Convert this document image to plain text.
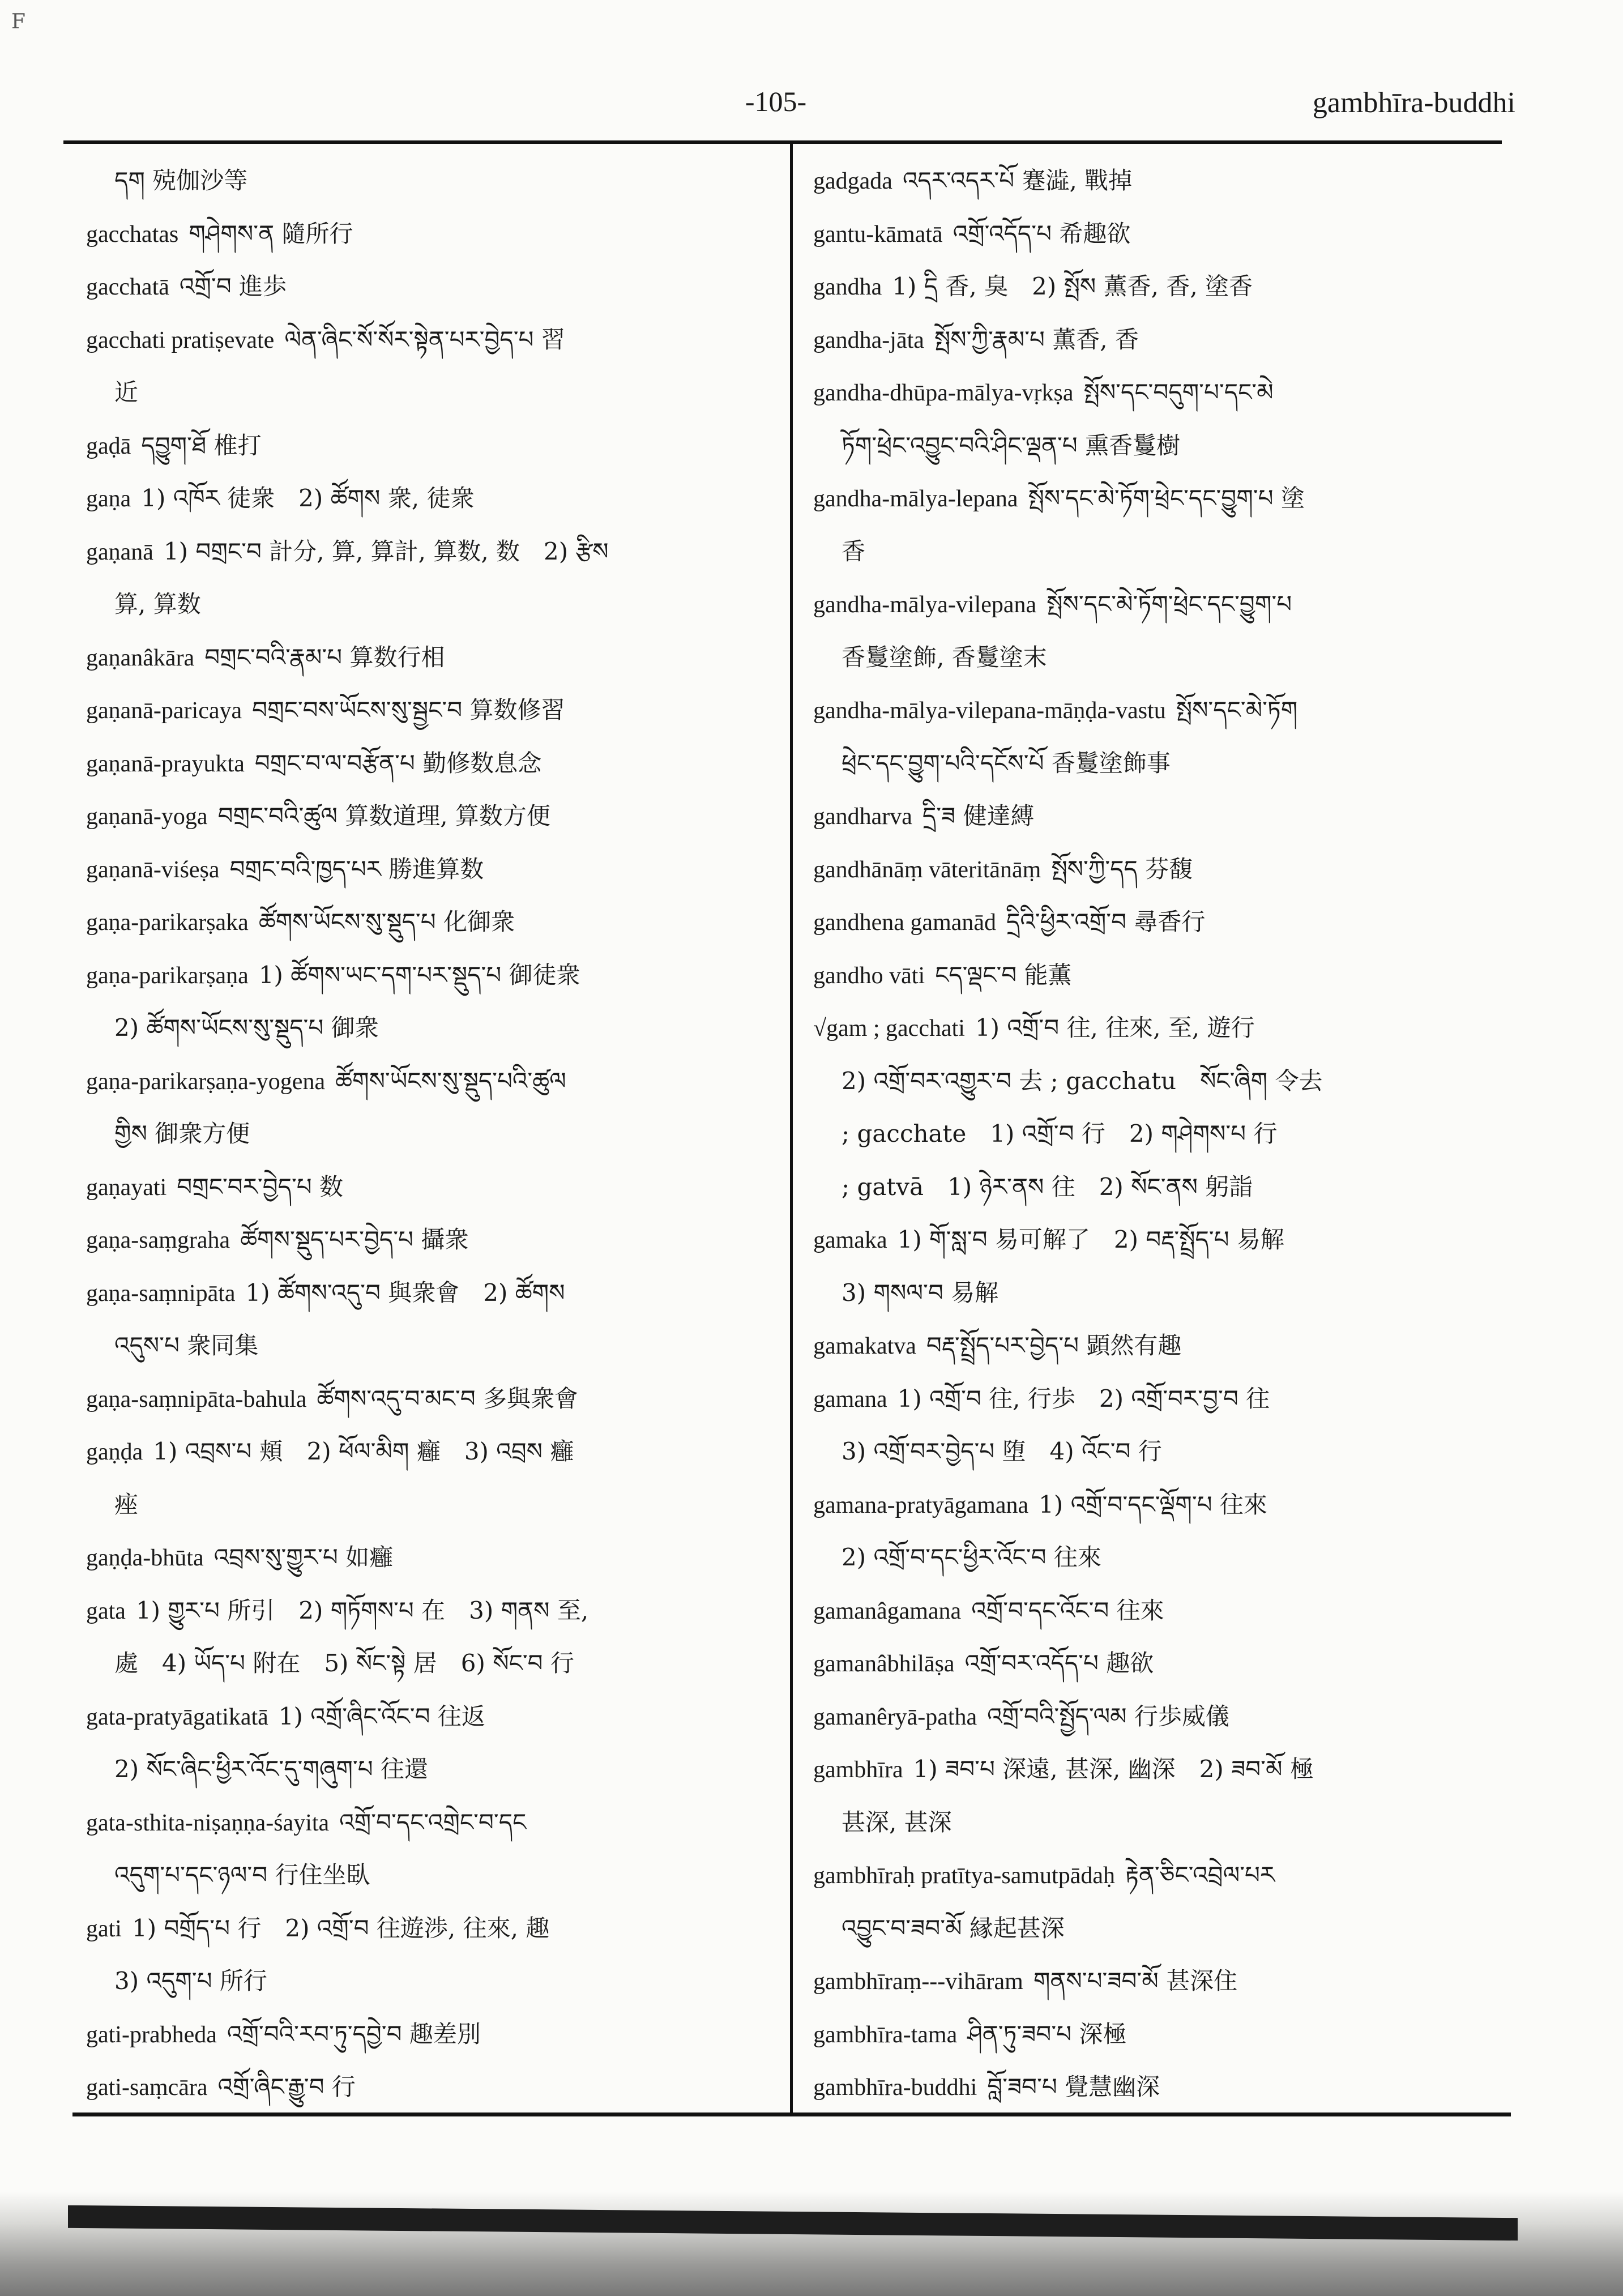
F
-105-	gambhīra-buddhi
དག 殑伽沙等
gacchatas གཤེགས་ན 隨所行
gacchatā འགྲོ་བ 進歩
gacchati pratiṣevate ལེན་ཞིང་སོ་སོར་སྟེན་པར་བྱེད་པ 習
近
gaḍā དབྱུག་ཐོ 椎打
gaṇa 1) འཁོར 徒衆　2) ཚོགས 衆, 徒衆
gaṇanā 1) བགྲང་བ 計分, 算, 算計, 算数, 数　2) རྩིས
算, 算数
gaṇanâkāra བགྲང་བའི་རྣམ་པ 算数行相
gaṇanā-paricaya བགྲང་བས་ཡོངས་སུ་སྦྱང་བ 算数修習
gaṇanā-prayukta བགྲང་བ་ལ་བརྩོན་པ 勤修数息念
gaṇanā-yoga བགྲང་བའི་ཚུལ 算数道理, 算数方便
gaṇanā-viśeṣa བགྲང་བའི་ཁྱད་པར 勝進算数
gaṇa-parikarṣaka ཚོགས་ཡོངས་སུ་སྡུད་པ 化御衆
gaṇa-parikarṣaṇa 1) ཚོགས་ཡང་དག་པར་སྡུད་པ 御徒衆
2) ཚོགས་ཡོངས་སུ་སྡུད་པ 御衆
gaṇa-parikarṣaṇa-yogena ཚོགས་ཡོངས་སུ་སྡུད་པའི་ཚུལ
གྱིས 御衆方便
gaṇayati བགྲང་བར་བྱེད་པ 数
gaṇa-saṃgraha ཚོགས་སྡུད་པར་བྱེད་པ 攝衆
gaṇa-saṃnipāta 1) ཚོགས་འདུ་བ 與衆會　2) ཚོགས
འདུས་པ 衆同集
gaṇa-saṃnipāta-bahula ཚོགས་འདུ་བ་མང་བ 多與衆會
gaṇḍa 1) འབྲས་པ 頬　2) ཕོལ་མིག 癰　3) འབྲས 癰
痤
gaṇḍa-bhūta འབྲས་སུ་གྱུར་པ 如癰
gata 1) གྱུར་པ 所引　2) གཏོགས་པ 在　3) གནས 至,
處　4) ཡོད་པ 附在　5) སོང་སྟེ 居　6) སོང་བ 行
gata-pratyāgatikatā 1) འགྲོ་ཞིང་འོང་བ 往返
2) སོང་ཞིང་ཕྱིར་འོང་དུ་གཞུག་པ 往還
gata-sthita-niṣaṇṇa-śayita འགྲོ་བ་དང་འགྲེང་བ་དང
འདུག་པ་དང་ཉལ་བ 行住坐臥
gati 1) བགྲོད་པ 行　2) འགྲོ་བ 往遊渉, 往來, 趣
3) འདུག་པ 所行
gati-prabheda འགྲོ་བའི་རབ་ཏུ་དབྱེ་བ 趣差別
gati-saṃcāra འགྲོ་ཞིང་རྒྱུ་བ 行
gadgada འདར་འདར་པོ 蹇澁, 戰掉
gantu-kāmatā འགྲོ་འདོད་པ 希趣欲
gandha 1) དྲི 香, 臭　2) སྤོས 薫香, 香, 塗香
gandha-jāta སྤོས་ཀྱི་རྣམ་པ 薫香, 香
gandha-dhūpa-mālya-vṛkṣa སྤོས་དང་བདུག་པ་དང་མེ
ཏོག་ཕྲེང་འབྱུང་བའི་ཤིང་ལྡན་པ 熏香鬘樹
gandha-mālya-lepana སྤོས་དང་མེ་ཏོག་ཕྲེང་དང་བྱུག་པ 塗
香
gandha-mālya-vilepana སྤོས་དང་མེ་ཏོག་ཕྲེང་དང་བྱུག་པ
香鬘塗飾, 香鬘塗末
gandha-mālya-vilepana-māṇḍa-vastu སྤོས་དང་མེ་ཏོག
ཕྲེང་དང་བྱུག་པའི་དངོས་པོ 香鬘塗飾事
gandharva དྲི་ཟ 健達縛
gandhānāṃ vāteritānāṃ སྤོས་ཀྱི་དད 芬馥
gandhena gamanād དྲིའི་ཕྱིར་འགྲོ་བ 尋香行
gandho vāti ངད་ལྡང་བ 能薫
√gam ; gacchati 1) འགྲོ་བ 往, 往來, 至, 遊行
2) འགྲོ་བར་འགྱུར་བ 去 ; gacchatu　སོང་ཞིག 令去
; gacchate　1) འགྲོ་བ 行　2) གཤེགས་པ 行
; gatvā　1) ཉེར་ནས 往　2) སོང་ནས 躬詣
gamaka 1) གོ་སླ་བ 易可解了　2) བརྡ་སྤྲོད་པ 易解
3) གསལ་བ 易解
gamakatva བརྡ་སྤྲོད་པར་བྱེད་པ 顕然有趣
gamana 1) འགྲོ་བ 往, 行歩　2) འགྲོ་བར་བྱ་བ 往
3) འགྲོ་བར་བྱེད་པ 堕　4) འོང་བ 行
gamana-pratyāgamana 1) འགྲོ་བ་དང་ལྡོག་པ 往來
2) འགྲོ་བ་དང་ཕྱིར་འོང་བ 往來
gamanâgamana འགྲོ་བ་དང་འོང་བ 往來
gamanâbhilāṣa འགྲོ་བར་འདོད་པ 趣欲
gamanêryā-patha འགྲོ་བའི་སྤྱོད་ལམ 行歩威儀
gambhīra 1) ཟབ་པ 深遠, 甚深, 幽深　2) ཟབ་མོ 極
甚深, 甚深
gambhīraḥ pratītya-samutpādaḥ རྟེན་ཅིང་འབྲེལ་པར
འབྱུང་བ་ཟབ་མོ 縁起甚深
gambhīraṃ---vihāram གནས་པ་ཟབ་མོ 甚深住
gambhīra-tama ཤིན་ཏུ་ཟབ་པ 深極
gambhīra-buddhi བློ་ཟབ་པ 覺慧幽深
